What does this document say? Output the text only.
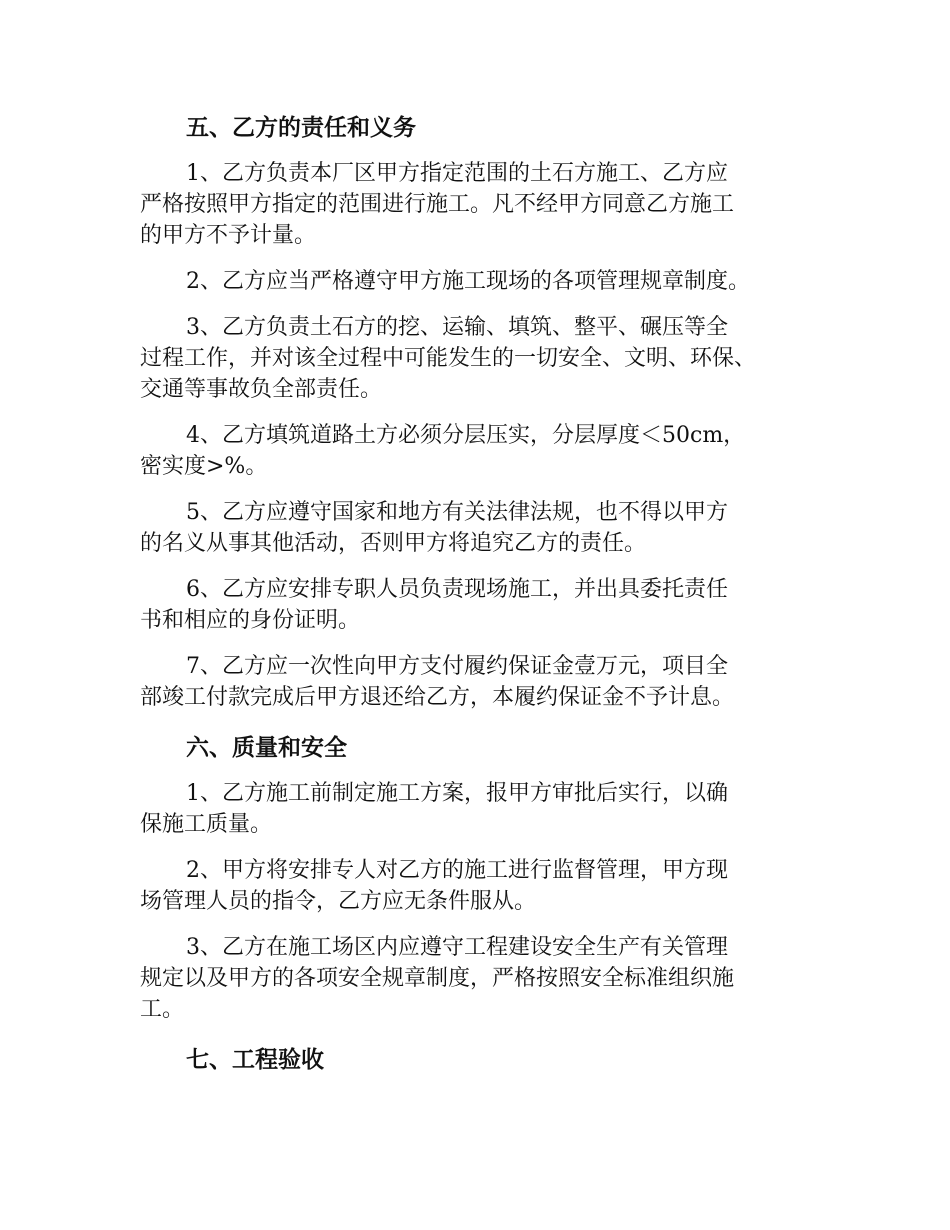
五、乙方的责任和义务
1、乙方负责本厂区甲方指定范围的土石方施工、乙方应
严格按照甲方指定的范围进行施工。凡不经甲方同意乙方施工
的甲方不予计量。
2、乙方应当严格遵守甲方施工现场的各项管理规章制度。
3、乙方负责土石方的挖、运输、填筑、整平、碾压等全
过程工作，并对该全过程中可能发生的一切安全、文明、环保、
交通等事故负全部责任。
4、乙方填筑道路土方必须分层压实，分层厚度＜50cm，
密实度>%。
5、乙方应遵守国家和地方有关法律法规，也不得以甲方
的名义从事其他活动，否则甲方将追究乙方的责任。
6、乙方应安排专职人员负责现场施工，并出具委托责任
书和相应的身份证明。
7、乙方应一次性向甲方支付履约保证金壹万元，项目全
部竣工付款完成后甲方退还给乙方，本履约保证金不予计息。
六、质量和安全
1、乙方施工前制定施工方案，报甲方审批后实行，以确
保施工质量。
2、甲方将安排专人对乙方的施工进行监督管理，甲方现
场管理人员的指令，乙方应无条件服从。
3、乙方在施工场区内应遵守工程建设安全生产有关管理
规定以及甲方的各项安全规章制度，严格按照安全标准组织施
工。
七、工程验收
